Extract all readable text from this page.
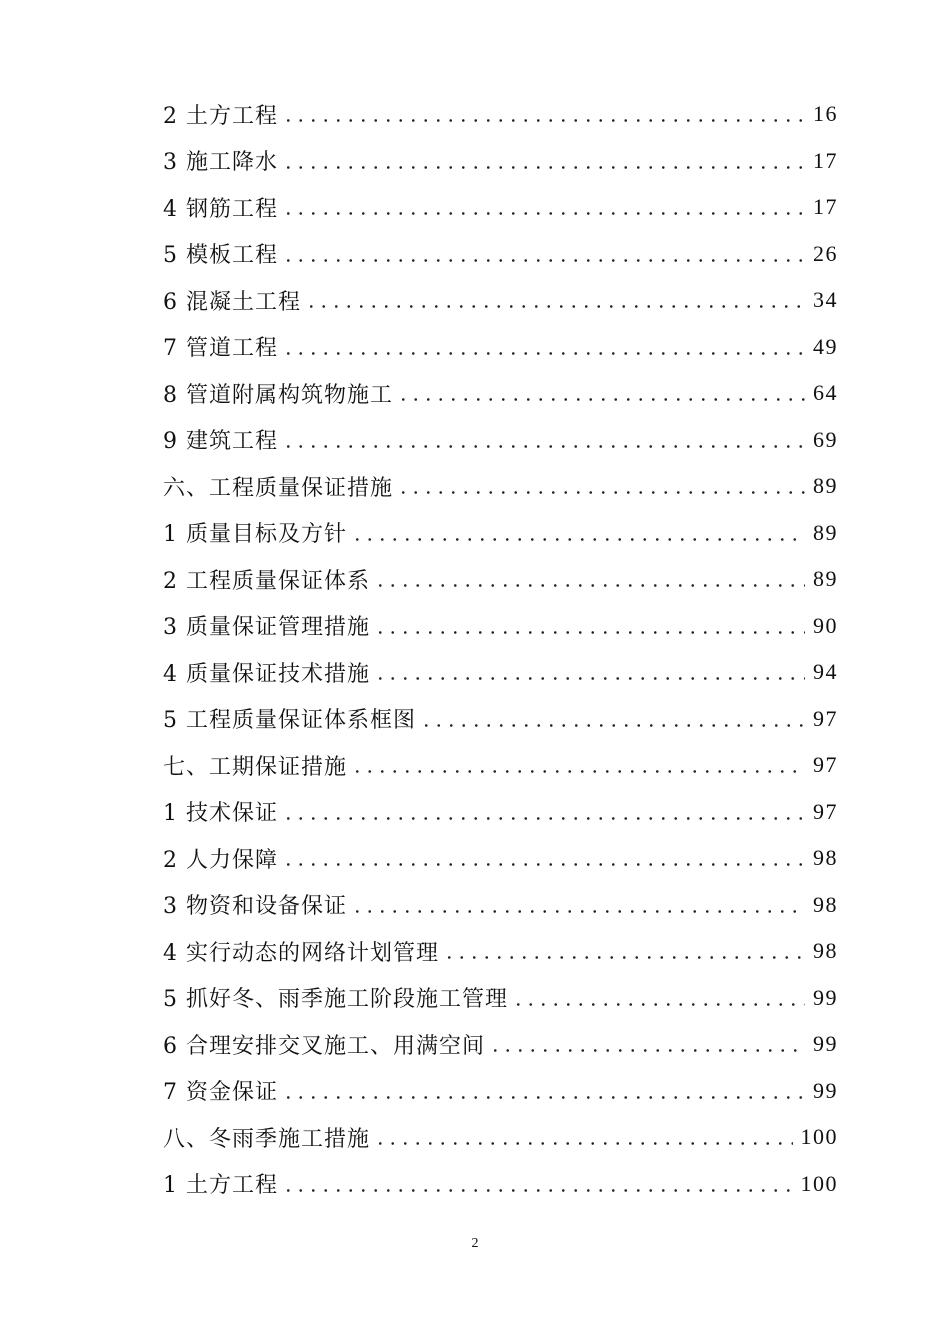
2 土方工程	16
3 施工降水	17
4 钢筋工程	17
5 模板工程	26
6 混凝土工程	34
7 管道工程	49
8 管道附属构筑物施工	64
9 建筑工程	69
六、工程质量保证措施	89
1 质量目标及方针	89
2 工程质量保证体系	89
3 质量保证管理措施	90
4 质量保证技术措施	94
5 工程质量保证体系框图	97
七、工期保证措施	97
1 技术保证	97
2 人力保障	98
3 物资和设备保证	98
4 实行动态的网络计划管理	98
5 抓好冬、雨季施工阶段施工管理	99
6 合理安排交叉施工、用满空间	99
7 资金保证	99
八、冬雨季施工措施	100
1 土方工程	100
2
